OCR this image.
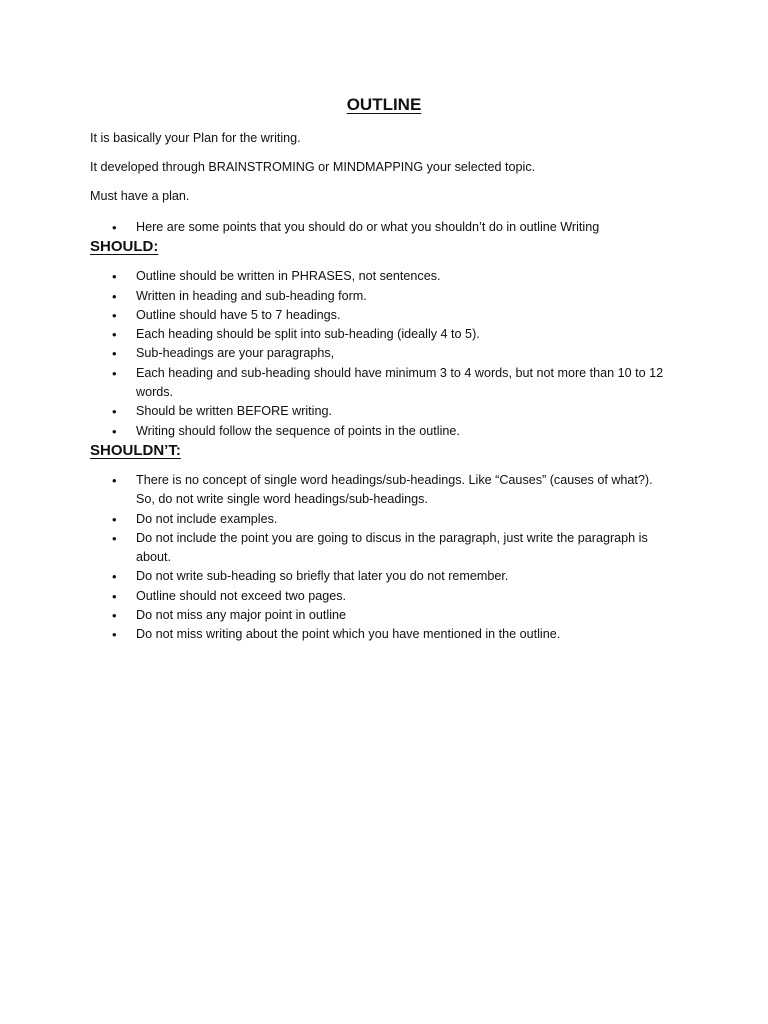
OUTLINE

It is basically your Plan for the writing.

It developed through BRAINSTROMING or MINDMAPPING your selected topic.

Must have a plan.

• Here are some points that you should do or what you shouldn’t do in outline Writing
SHOULD:
• Outline should be written in PHRASES, not sentences.
• Written in heading and sub-heading form.
• Outline should have 5 to 7 headings.
• Each heading should be split into sub-heading (ideally 4 to 5).
• Sub-headings are your paragraphs,
• Each heading and sub-heading should have minimum 3 to 4 words, but not more than 10 to 12 words.
• Should be written BEFORE writing.
• Writing should follow the sequence of points in the outline.
SHOULDN’T:
• There is no concept of single word headings/sub-headings. Like “Causes” (causes of what?). So, do not write single word headings/sub-headings.
• Do not include examples.
• Do not include the point you are going to discus in the paragraph, just write the paragraph is about.
• Do not write sub-heading so briefly that later you do not remember.
• Outline should not exceed two pages.
• Do not miss any major point in outline
• Do not miss writing about the point which you have mentioned in the outline.
